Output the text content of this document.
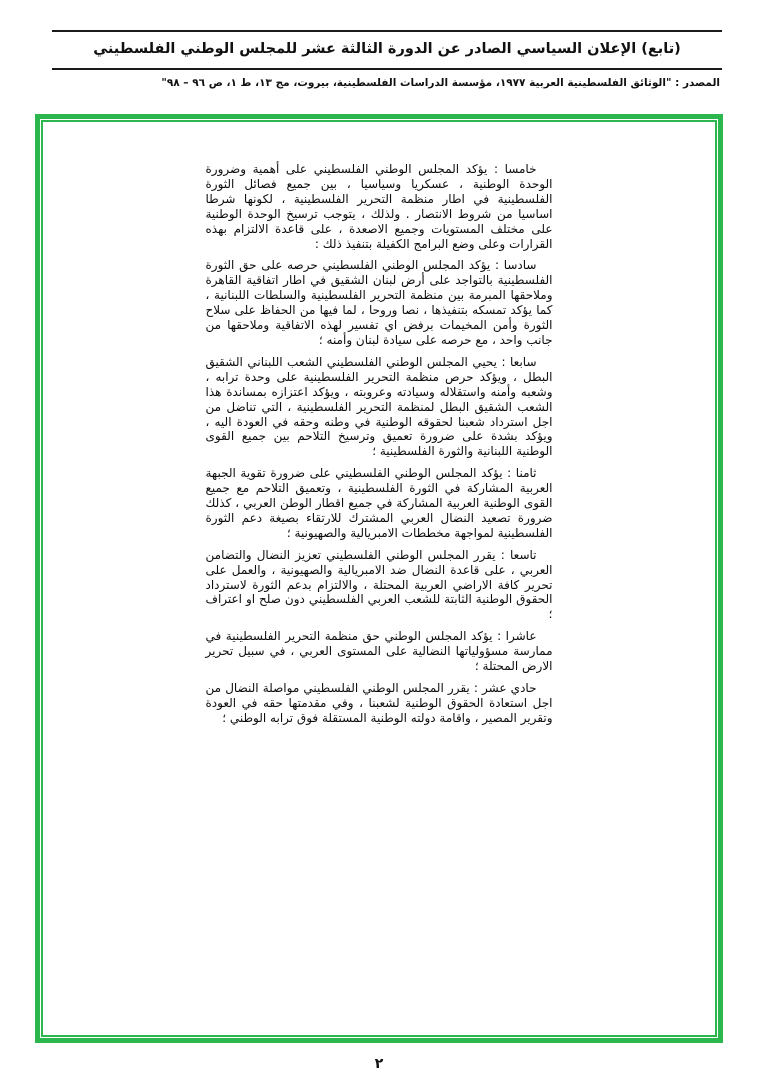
(تابع) الإعلان السياسي الصادر عن الدورة الثالثة عشر للمجلس الوطني الفلسطيني
المصدر : "الوثائق الفلسطينية العربية ١٩٧٧، مؤسسة الدراسات الفلسطينية، بيروت، مج ١٣، ط ١، ص ٩٦ – ٩٨"

خامسا : يؤكد المجلس الوطني الفلسطيني على أهمية وضرورة الوحدة الوطنية ، عسكريا وسياسيا ، بين جميع فصائل الثورة الفلسطينية في اطار منظمة التحرير الفلسطينية ، لكونها شرطا اساسيا من شروط الانتصار . ولذلك ، يتوجب ترسيخ الوحدة الوطنية على مختلف المستويات وجميع الاصعدة ، على قاعدة الالتزام بهذه القرارات وعلى وضع البرامج الكفيلة بتنفيذ ذلك :

سادسا : يؤكد المجلس الوطني الفلسطيني حرصه على حق الثورة الفلسطينية بالتواجد على أرض لبنان الشقيق في اطار اتفاقية القاهرة وملاحقها المبرمة بين منظمة التحرير الفلسطينية والسلطات اللبنانية ، كما يؤكد تمسكه بتنفيذها ، نصا وروحا ، لما فيها من الحفاظ على سلاح الثورة وأمن المخيمات برفض اي تفسير لهذه الاتفاقية وملاحقها من جانب واحد ، مع حرصه على سيادة لبنان وأمنه ؛

سابعا : يحيي المجلس الوطني الفلسطيني الشعب اللبناني الشقيق البطل ، ويؤكد حرص منظمة التحرير الفلسطينية على وحدة ترابه ، وشعبه وأمنه واستقلاله وسيادته وعروبته ، ويؤكد اعتزازه بمساندة هذا الشعب الشقيق البطل لمنظمة التحرير الفلسطينية ، التي تناضل من اجل استرداد شعبنا لحقوقه الوطنية في وطنه وحقه في العودة اليه ، ويؤكد بشدة على ضرورة تعميق وترسيخ التلاحم بين جميع القوى الوطنية اللبنانية والثورة الفلسطينية ؛

ثامنا : يؤكد المجلس الوطني الفلسطيني على ضرورة تقوية الجبهة العربية المشاركة في الثورة الفلسطينية ، وتعميق التلاحم مع جميع القوى الوطنية العربية المشاركة في جميع اقطار الوطن العربي ، كذلك ضرورة تصعيد النضال العربي المشترك للارتقاء بصيغة دعم الثورة الفلسطينية لمواجهة مخططات الامبريالية والصهيونية ؛

تاسعا : يقرر المجلس الوطني الفلسطيني تعزيز النضال والتضامن العربي ، على قاعدة النضال ضد الامبريالية والصهيونية ، والعمل على تحرير كافة الاراضي العربية المحتلة ، والالتزام بدعم الثورة لاسترداد الحقوق الوطنية الثابتة للشعب العربي الفلسطيني دون صلح او اعتراف ؛

عاشرا : يؤكد المجلس الوطني حق منظمة التحرير الفلسطينية في ممارسة مسؤولياتها النضالية على المستوى العربي ، في سبيل تحرير الارض المحتلة ؛

حادي عشر : يقرر المجلس الوطني الفلسطيني مواصلة النضال من اجل استعادة الحقوق الوطنية لشعبنا ، وفي مقدمتها حقه في العودة وتقرير المصير ، واقامة دولته الوطنية المستقلة فوق ترابه الوطني ؛

٢
